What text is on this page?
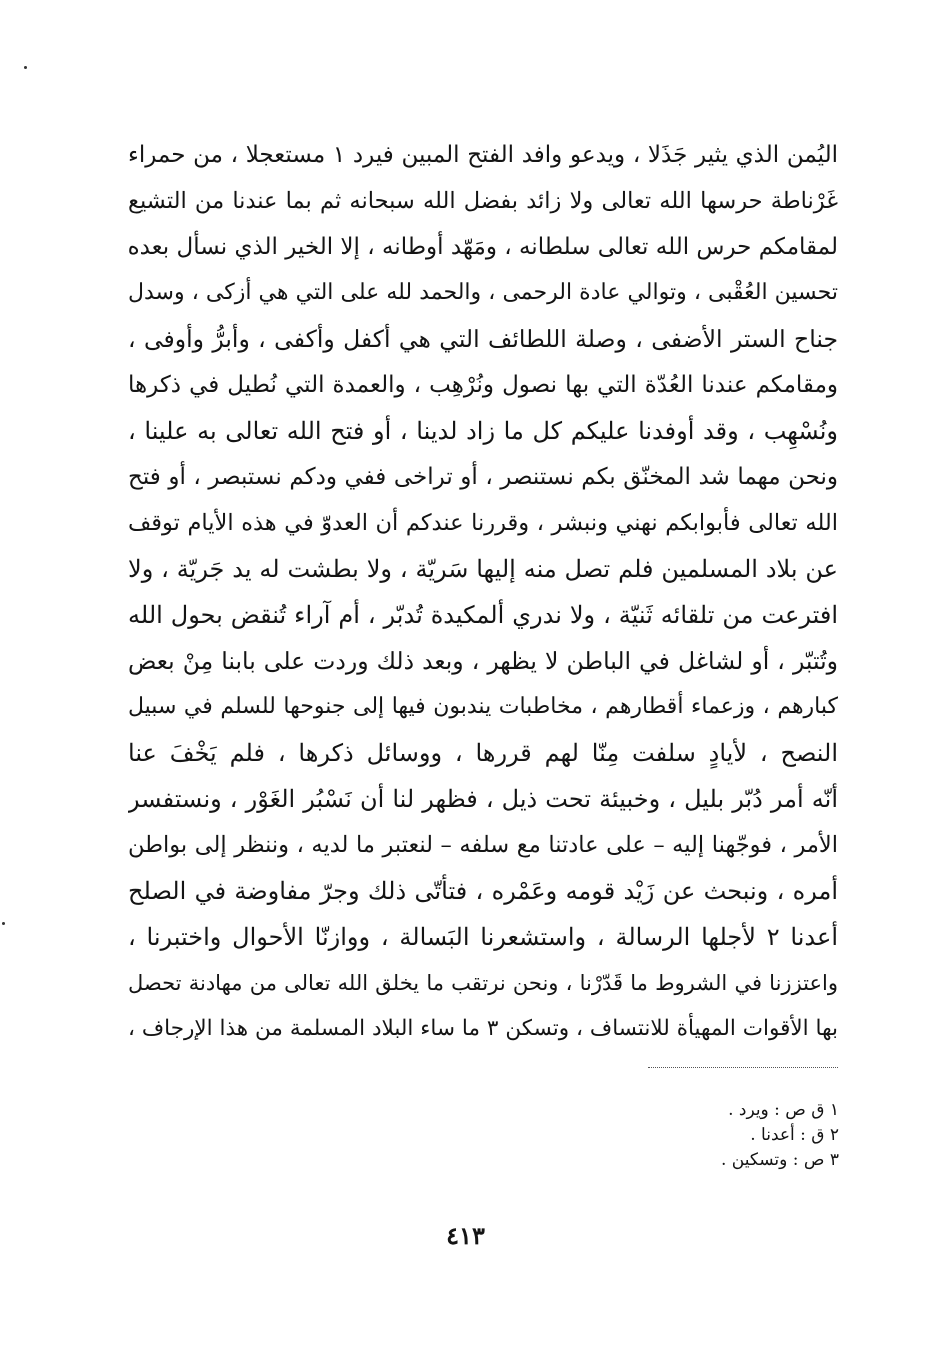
اليُمن الذي يثير جَذَلا ، ويدعو وافد الفتح المبين فيرد ١ مستعجلا ، من حمراء
غَرْناطة حرسها الله تعالى ولا زائد بفضل الله سبحانه ثم بما عندنا من التشيع
لمقامكم حرس الله تعالى سلطانه ، ومَهّد أوطانه ، إلا الخير الذي نسأل بعده
تحسين العُقْبى ، وتوالي عادة الرحمى ، والحمد لله على التي هي أزكى ، وسدل
جناح الستر الأضفى ، وصلة اللطائف التي هي أكفل وأكفى ، وأبرُّ وأوفى ،
ومقامكم عندنا العُدّة التي بها نصول ونُرْهِب ، والعمدة التي نُطيل في ذكرها
ونُسْهِب ، وقد أوفدنا عليكم كل ما زاد لدينا ، أو فتح الله تعالى به علينا ،
ونحن مهما شد المخنّق بكم نستنصر ، أو تراخى ففي ودكم نستبصر ، أو فتح
الله تعالى فأبوابكم نهني ونبشر ، وقررنا عندكم أن العدوّ في هذه الأيام توقف
عن بلاد المسلمين فلم تصل منه إليها سَريّة ، ولا بطشت له يد جَريّة ، ولا
افترعت من تلقائه ثَنيّة ، ولا ندري ألمكيدة تُدبّر ، أم آراء تُنقض بحول الله
وتُتبّر ، أو لشاغل في الباطن لا يظهر ، وبعد ذلك وردت على بابنا مِنْ بعض
كبارهم ، وزعماء أقطارهم ، مخاطبات يندبون فيها إلى جنوحها للسلم في سبيل
النصح ، لأيادٍ سلفت مِنّا لهم قررها ، ووسائل ذكرها ، فلم يَخْفَ عنا
أنّه أمر دُبّر بليل ، وخبيئة تحت ذيل ، فظهر لنا أن نَسْبُر الغَوْر ، ونستفسر
الأمر ، فوجّهنا إليه – على عادتنا مع سلفه – لنعتبر ما لديه ، وننظر إلى بواطن
أمره ، ونبحث عن زَيْد قومه وعَمْره ، فتأتّى ذلك وجرّ مفاوضة في الصلح
أعدنا ٢ لأجلها الرسالة ، واستشعرنا البَسالة ، ووازنّا الأحوال واختبرنا ،
واعتززنا في الشروط ما قَدّرْنا ، ونحن نرتقب ما يخلق الله تعالى من مهادنة تحصل
بها الأقوات المهيأة للانتساف ، وتسكن ٣ ما ساء البلاد المسلمة من هذا الإرجاف ،
١ ق ص : ويرد .
٢ ق : أعدنا .
٣ ص : وتسكين .
٤١٣
